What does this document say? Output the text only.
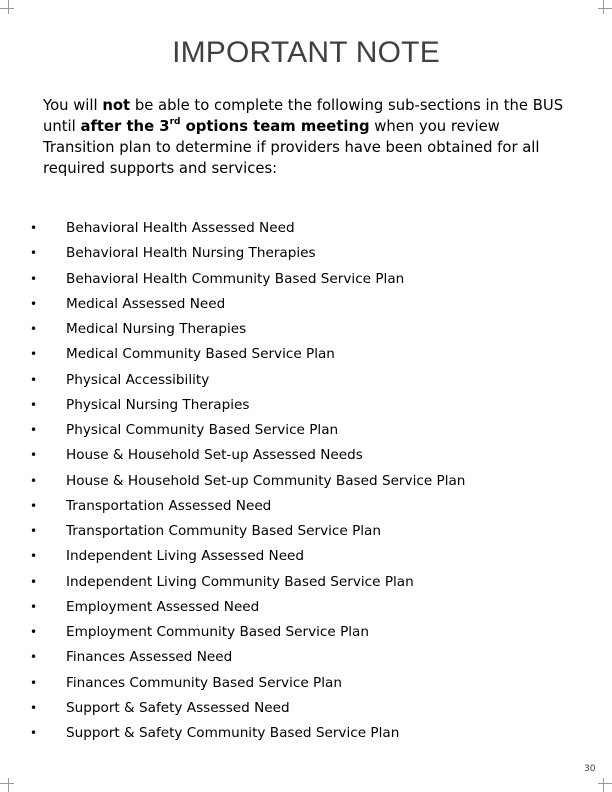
IMPORTANT NOTE
You will not be able to complete the following sub-sections in the BUS until after the 3rd options team meeting when you review Transition plan to determine if providers have been obtained for all required supports and services:
• Behavioral Health Assessed Need
• Behavioral Health Nursing Therapies
• Behavioral Health Community Based Service Plan
• Medical Assessed Need
• Medical Nursing Therapies
• Medical Community Based Service Plan
• Physical Accessibility
• Physical Nursing Therapies
• Physical Community Based Service Plan
• House & Household Set-up Assessed Needs
• House & Household Set-up Community Based Service Plan
• Transportation Assessed Need
• Transportation Community Based Service Plan
• Independent Living Assessed Need
• Independent Living Community Based Service Plan
• Employment Assessed Need
• Employment Community Based Service Plan
• Finances Assessed Need
• Finances Community Based Service Plan
• Support & Safety Assessed Need
• Support & Safety Community Based Service Plan
30
